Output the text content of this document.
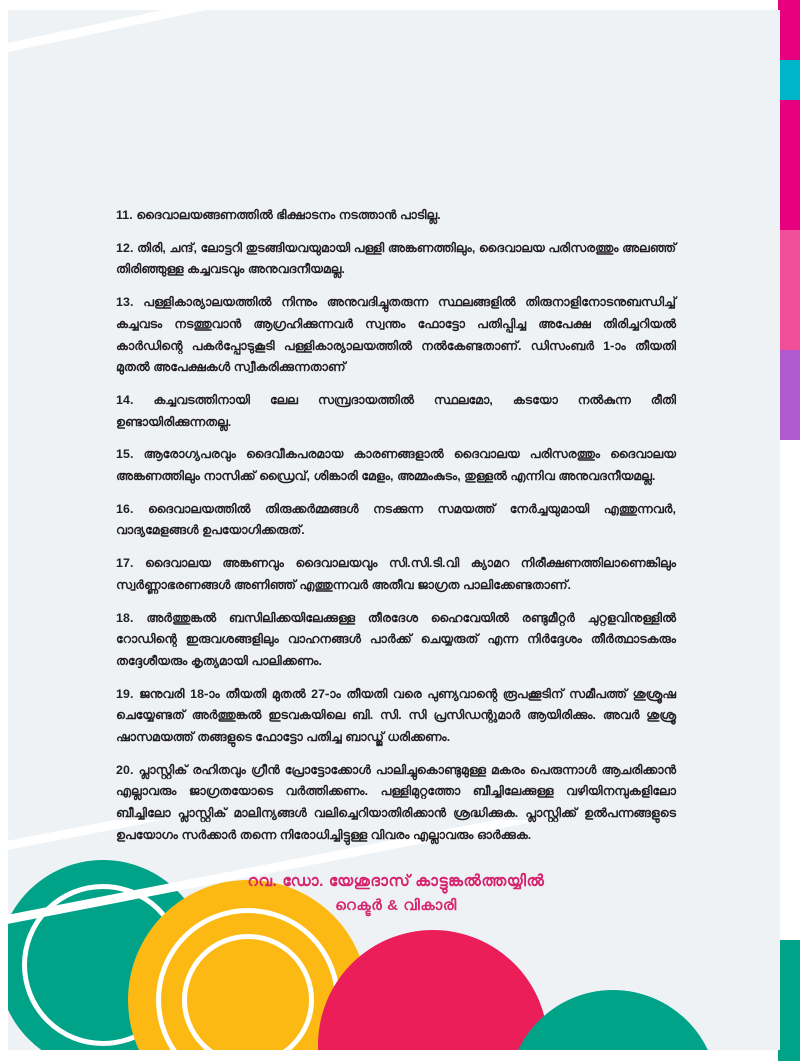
11. ദൈവാലയങ്ങണത്തിൽ ഭിക്ഷാടനം നടത്താൻ പാടില്ല.

12. തിരി, ചന്ദ്, ലോട്ടറി തുടങ്ങിയവയുമായി പള്ളി അങ്കണത്തിലും, ദൈവാലയ പരിസരത്തും അലഞ്ഞ് തിരിഞ്ഞുള്ള കച്ചവടവും അനുവദനീയമല്ല.

13. പള്ളികാര്യാലയത്തിൽ നിന്നും അനുവദിച്ചുതരുന്ന സ്ഥലങ്ങളിൽ തിരുനാളിനോടനുബന്ധിച്ച് കച്ചവടം നടത്തുവാൻ ആഗ്രഹിക്കുന്നവർ സ്വന്തം ഫോട്ടോ പതിപ്പിച്ച അപേക്ഷ തിരിച്ചറിയൽ കാർഡിന്റെ പകർപ്പോടുകൂടി പള്ളികാര്യാലയത്തിൽ നൽകേണ്ടതാണ്. ഡിസംബർ 1-ാം തീയതി മുതൽ അപേക്ഷകൾ സ്വീകരിക്കുന്നതാണ്

14. കച്ചവടത്തിനായി ലേല സമ്പ്രദായത്തിൽ സ്ഥലമോ, കടയോ നൽകുന്ന രീതി ഉണ്ടായിരിക്കുന്നതല്ല.

15. ആരോഗ്യപരവും ദൈവീകപരമായ കാരണങ്ങളാൽ ദൈവാലയ പരിസരത്തും ദൈവാലയ അങ്കണത്തിലും നാസിക്ക് ഡ്രൈവ്, ശിങ്കാരി മേളം, അമ്മംകുടം, തുള്ളൽ എന്നിവ അനുവദനീയമല്ല.

16. ദൈവാലയത്തിൽ തിരുക്കർമ്മങ്ങൾ നടക്കുന്ന സമയത്ത് നേർച്ചയുമായി എത്തുന്നവർ, വാദ്യമേളങ്ങൾ ഉപയോഗിക്കരുത്.

17. ദൈവാലയ അങ്കണവും ദൈവാലയവും സി.സി.ടി.വി ക്യാമറ നിരീക്ഷണത്തിലാണെങ്കിലും സ്വർണ്ണാഭരണങ്ങൾ അണിഞ്ഞ് എത്തുന്നവർ അതീവ ജാഗ്രത പാലിക്കേണ്ടതാണ്.

18. അർത്തുങ്കൽ ബസിലിക്കയിലേക്കുള്ള തീരദേശ ഹൈവേയിൽ രണ്ടുമീറ്റർ ചുറ്റളവിനുള്ളിൽ റോഡിന്റെ ഇരുവശങ്ങളിലും വാഹനങ്ങൾ പാർക്ക് ചെയ്യരുത് എന്ന നിർദ്ദേശം തീർത്ഥാടകരും തദ്ദേശീയരും കൃത്യമായി പാലിക്കണം.

19. ജനുവരി 18-ാം തീയതി മുതൽ 27-ാം തീയതി വരെ പുണ്യവാന്റെ രൂപക്കൂടിന് സമീപത്ത് ശുശ്രൂഷ ചെയ്യേണ്ടത് അർത്തുങ്കൽ ഇടവകയിലെ ബി. സി. സി പ്രസിഡന്റുമാർ ആയിരിക്കും. അവർ ശുശ്രൂ ഷാസമയത്ത് തങ്ങളുടെ ഫോട്ടോ പതിച്ച ബാഡ്ജ് ധരിക്കണം.

20. പ്ലാസ്റ്റിക് രഹിതവും ഗ്രീൻ പ്രോട്ടോക്കോൾ പാലിച്ചുകൊണ്ടുമുള്ള മകരം പെരുന്നാൾ ആചരിക്കാൻ എല്ലാവരും ജാഗ്രതയോടെ വർത്തിക്കണം. പള്ളിമുറ്റത്തോ ബീച്ചിലേക്കുള്ള വഴിയിനമ്പുകളിലോ ബീച്ചിലോ പ്ലാസ്റ്റിക് മാലിന്യങ്ങൾ വലിച്ചെറിയാതിരിക്കാൻ ശ്രദ്ധിക്കുക. പ്ലാസ്റ്റിക്ക് ഉൽപന്നങ്ങളുടെ ഉപയോഗം സർക്കാർ തന്നെ നിരോധിച്ചിട്ടുള്ള വിവരം എല്ലാവരും ഓർക്കുക.

റവ. ഡോ. യേശുദാസ് കാട്ടുങ്കൽത്തയ്യിൽ
റെക്ടർ & വികാരി
